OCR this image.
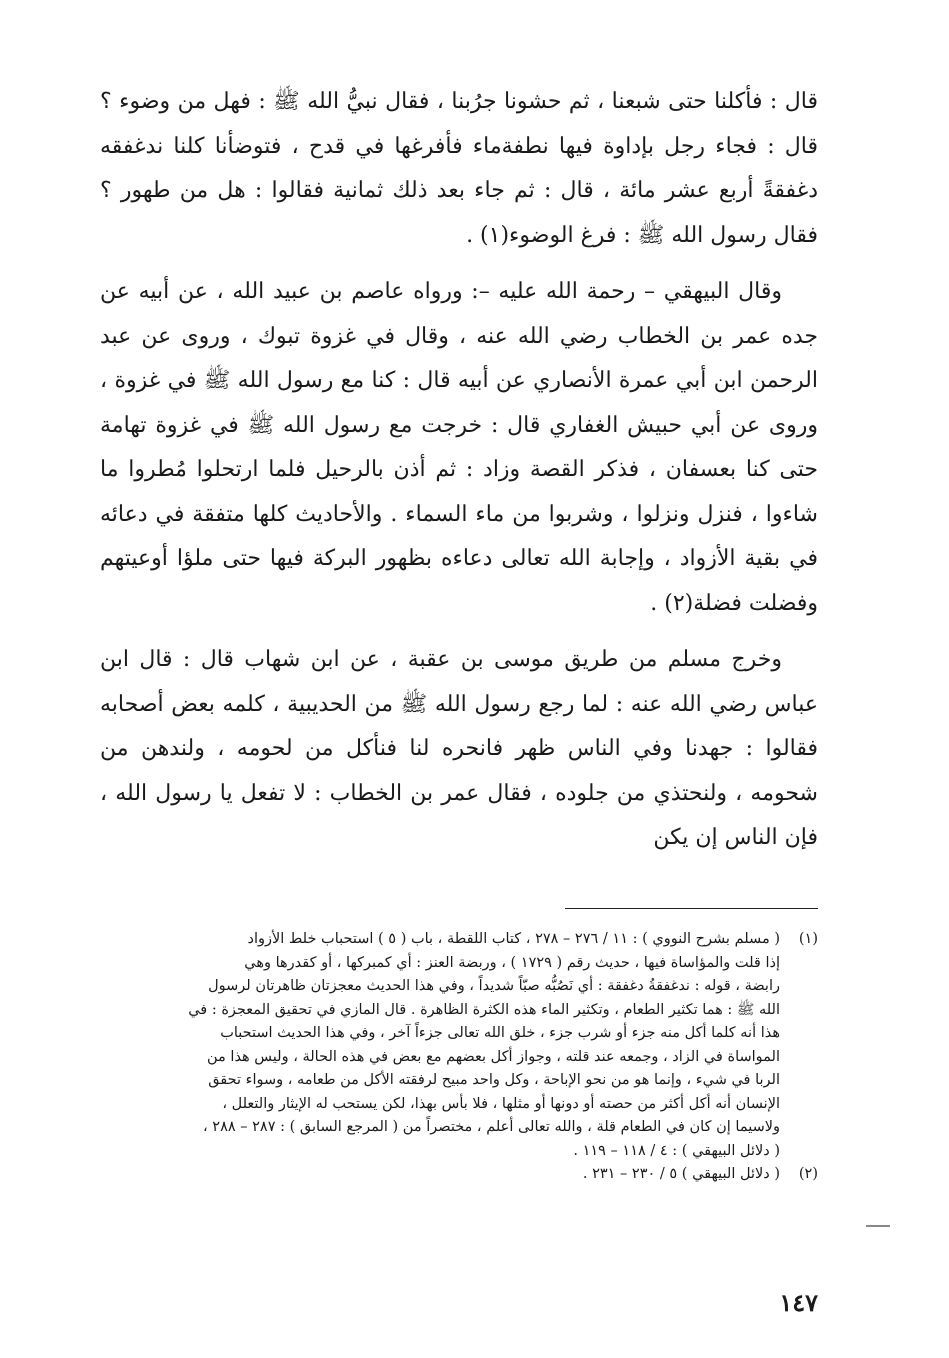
قال : فأكلنا حتى شبعنا ، ثم حشونا جرُبنا ، فقال نبيُّ الله ﷺ : فهل من وضوء ؟ قال : فجاء رجل بإداوة فيها نطفةماء فأفرغها في قدح ، فتوضأنا كلنا ندغفقه دغفقةً أربع عشر مائة ، قال : ثم جاء بعد ذلك ثمانية فقالوا : هل من طهور ؟ فقال رسول الله ﷺ : فرغ الوضوء(١) .

وقال البيهقي – رحمة الله عليه –: ورواه عاصم بن عبيد الله ، عن أبيه عن جده عمر بن الخطاب رضي الله عنه ، وقال في غزوة تبوك ، وروى عن عبد الرحمن ابن أبي عمرة الأنصاري عن أبيه قال : كنا مع رسول الله ﷺ في غزوة ، وروى عن أبي حبيش الغفاري قال : خرجت مع رسول الله ﷺ في غزوة تهامة حتى كنا بعسفان ، فذكر القصة وزاد : ثم أذن بالرحيل فلما ارتحلوا مُطروا ما شاءوا ، فنزل ونزلوا ، وشربوا من ماء السماء . والأحاديث كلها متفقة في دعائه في بقية الأزواد ، وإجابة الله تعالى دعاءه بظهور البركة فيها حتى ملؤا أوعيتهم وفضلت فضلة(٢) .

وخرج مسلم من طريق موسى بن عقبة ، عن ابن شهاب قال : قال ابن عباس رضي الله عنه : لما رجع رسول الله ﷺ من الحديبية ، كلمه بعض أصحابه فقالوا : جهدنا وفي الناس ظهر فانحره لنا فنأكل من لحومه ، ولندهن من شحومه ، ولنحتذي من جلوده ، فقال عمر بن الخطاب : لا تفعل يا رسول الله ، فإن الناس إن يكن

(١)
( مسلم بشرح النووي ) : ١١ / ٢٧٦ – ٢٧٨ ، كتاب اللقطة ، باب ( ٥ ) استحباب خلط الأزواد
إذا قلت والمؤاساة فيها ، حديث رقم ( ١٧٢٩ ) ، وربضة العنز : أي كمبركها ، أو كقدرها وهي
رابضة ، قوله : ندغفقةُ دغفقة : أي نَصُبُّه صبّاً شديداً ، وفي هذا الحديث معجزتان ظاهرتان لرسول
الله ﷺ : هما تكثير الطعام ، وتكثير الماء هذه الكثرة الظاهرة . قال المازي في تحقيق المعجزة : في
هذا أنه كلما أكل منه جزء أو شرب جزء ، خلق الله تعالى جزءاً آخر ، وفي هذا الحديث استحباب
المواساة في الزاد ، وجمعه عند قلته ، وجواز أكل بعضهم مع بعض في هذه الحالة ، وليس هذا من
الربا في شيء ، وإنما هو من نحو الإباحة ، وكل واحد مبيح لرفقته الأكل من طعامه ، وسواء تحقق
الإنسان أنه أكل أكثر من حصته أو دونها أو مثلها ، فلا بأس بهذا، لكن يستحب له الإيثار والتعلل ،
ولاسيما إن كان في الطعام قلة ، والله تعالى أعلم ، مختصراً من ( المرجع السابق ) : ٢٨٧ – ٢٨٨ ،
( دلائل البيهقي ) : ٤ / ١١٨ – ١١٩ .
(٢)
( دلائل البيهقي ) ٥ / ٢٣٠ – ٢٣١ .
١٤٧
